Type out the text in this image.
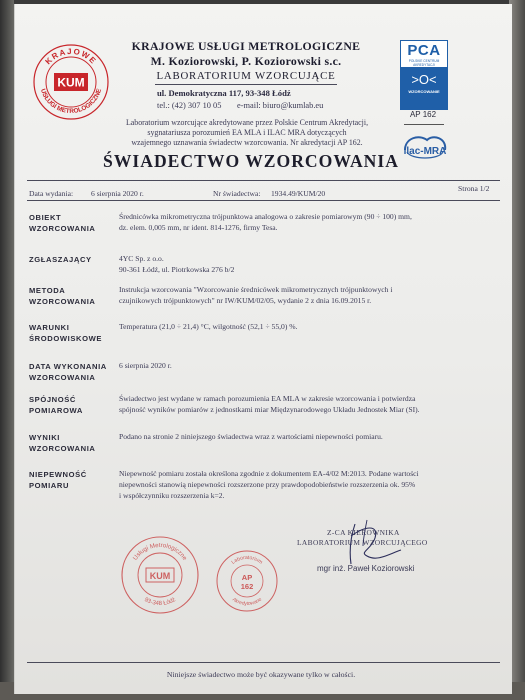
KRAJOWE
USŁUGI METROLOGICZNE
KUM
KRAJOWE USŁUGI METROLOGICZNE
M. Koziorowski, P. Koziorowski s.c.
LABORATORIUM WZORCUJĄCE
ul. Demokratyczna 117, 93-348 Łódź
tel.: (42) 307 10 05 e-mail: biuro@kumlab.eu
Laboratorium wzorcujące akredytowane przez Polskie Centrum Akredytacji,
sygnatariusza porozumień EA MLA i ILAC MRA dotyczących
wzajemnego uznawania świadectw wzorcowania. Nr akredytacji AP 162.
PCA
POLSKIE CENTRUM AKREDYTACJI
>O<
WZORCOWANIE
AP 162
ilac-MRA
ŚWIADECTWO WZORCOWANIA
Data wydania: 6 sierpnia 2020 r.	Nr świadectwa: 1934.49/KUM/20
Strona 1/2
OBIEKT
WZORCOWANIA
Średnicówka mikrometryczna trójpunktowa analogowa o zakresie pomiarowym (90 ÷ 100) mm,
dz. elem. 0,005 mm, nr ident. 814-1276, firmy Tesa.
ZGŁASZAJĄCY	4YC Sp. z o.o.
90-361 Łódź, ul. Piotrkowska 276 b/2
METODA
WZORCOWANIA
Instrukcja wzorcowania "Wzorcowanie średnicówek mikrometrycznych trójpunktowych i
czujnikowych trójpunktowych" nr IW/KUM/02/05, wydanie 2 z dnia 16.09.2015 r.
WARUNKI
ŚRODOWISKOWE
Temperatura (21,0 ÷ 21,4) °C, wilgotność (52,1 ÷ 55,0) %.
DATA WYKONANIA
WZORCOWANIA
6 sierpnia 2020 r.
SPÓJNOŚĆ
POMIAROWA
Świadectwo jest wydane w ramach porozumienia EA MLA w zakresie wzorcowania i potwierdza
spójność wyników pomiarów z jednostkami miar Międzynarodowego Układu Jednostek Miar (SI).
WYNIKI
WZORCOWANIA
Podano na stronie 2 niniejszego świadectwa wraz z wartościami niepewności pomiaru.
NIEPEWNOŚĆ
POMIARU
Niepewność pomiaru została określona zgodnie z dokumentem EA-4/02 M:2013. Podane wartości
niepewności stanowią niepewności rozszerzone przy prawdopodobieństwie rozszerzenia ok. 95%
i współczynniku rozszerzenia k=2.
Z-CA KIEROWNIKA
LABORATORIUM WZORCUJĄCEGO
mgr inż. Paweł Koziorowski
Usługi Metrologiczne
93-348 Łódź
KUM
Laboratorium
Akredytowane
AP
162
Niniejsze świadectwo może być okazywane tylko w całości.
